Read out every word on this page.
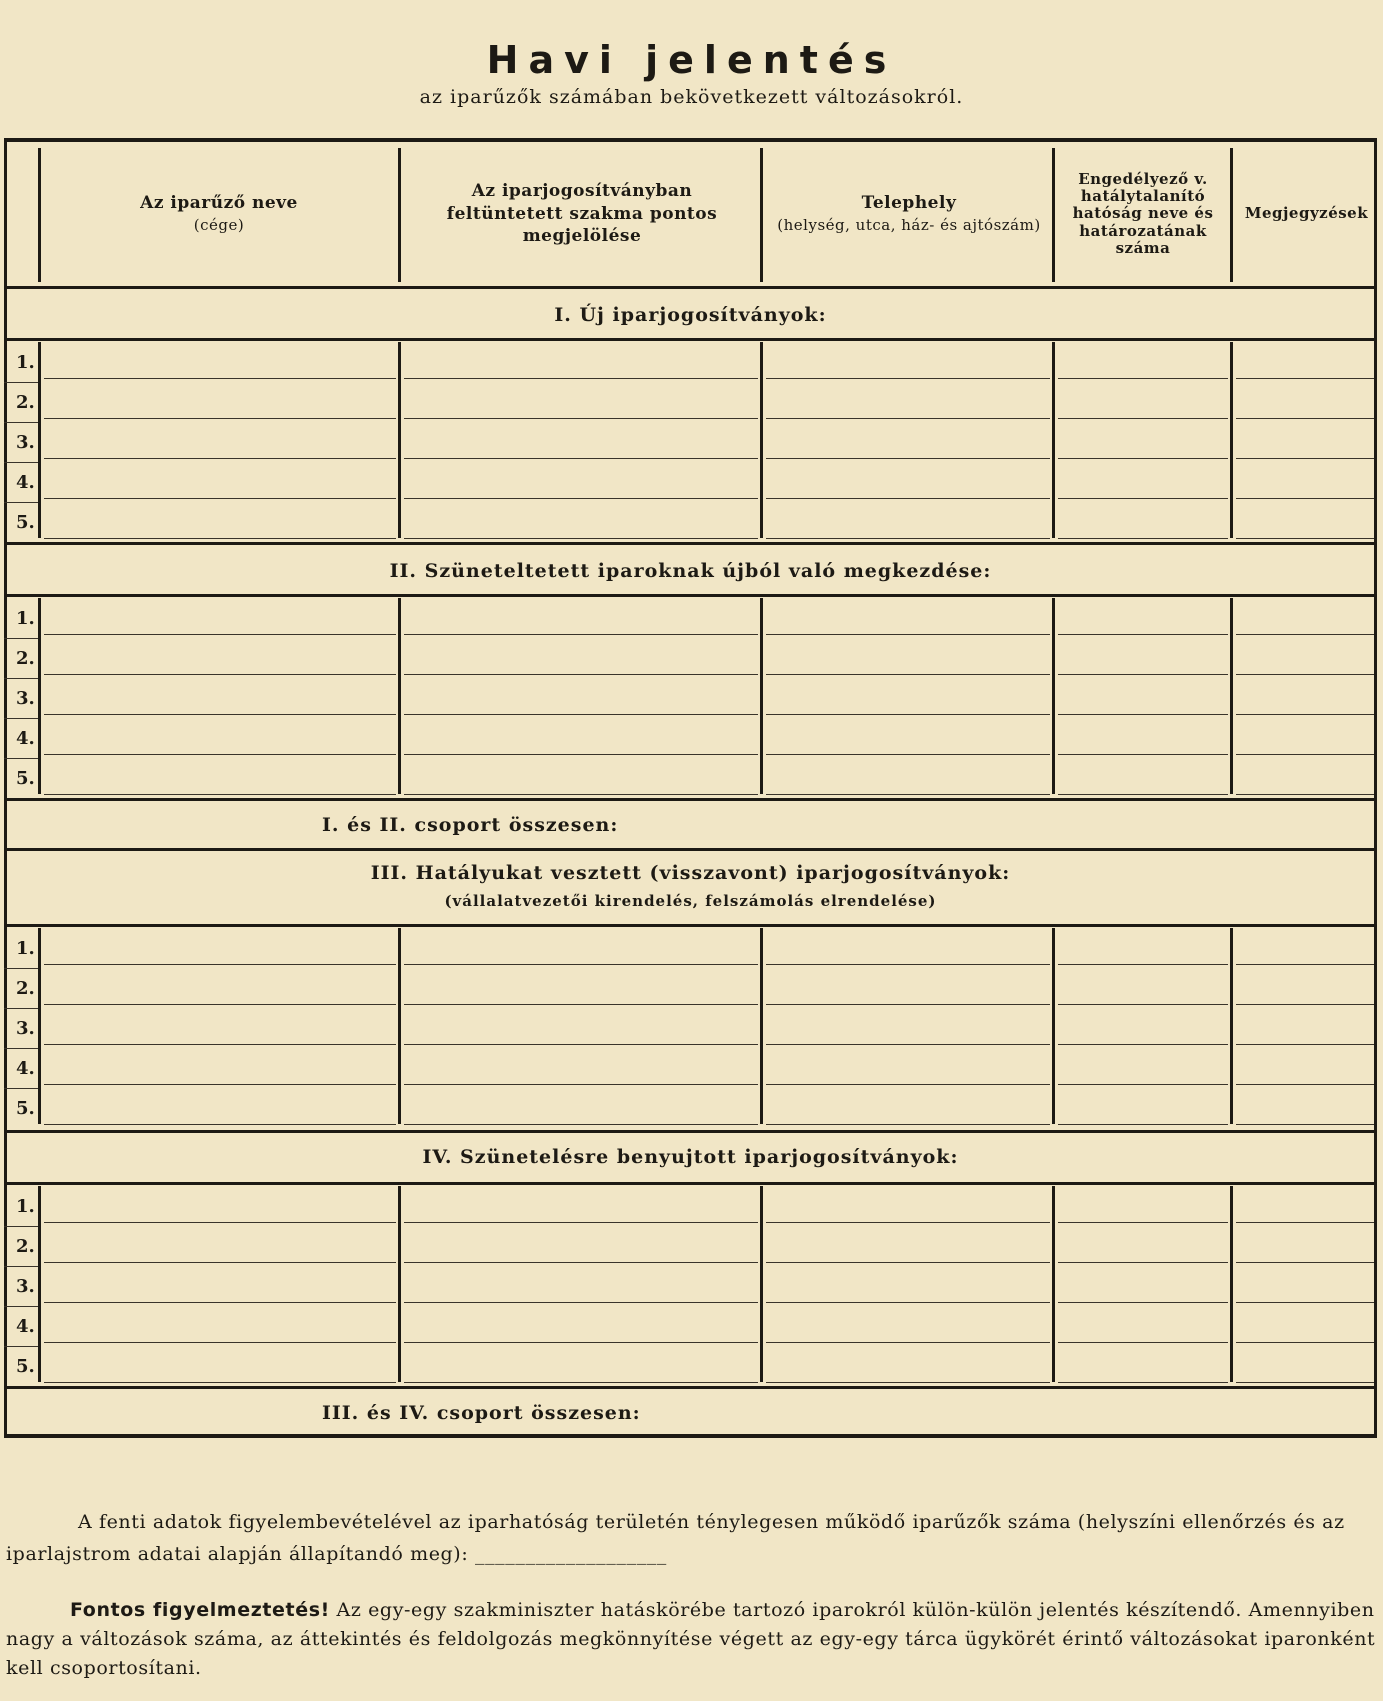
Havi jelentés
az iparűzők számában bekövetkezett változásokról.
Az iparűző neve
(cége)
Az iparjogosítványban feltüntetett szakma pontos megjelölése
Telephely
(helység, utca, ház- és ajtószám)
Engedélyező v. hatálytalanító hatóság neve és határozatának száma
Megjegyzések
I. Új iparjogosítványok:
II. Szüneteltetett iparoknak újból való megkezdése:
I. és II. csoport összesen:
III. Hatályukat vesztett (visszavont) iparjogosítványok:
(vállalatvezetői kirendelés, felszámolás elrendelése)
IV. Szünetelésre benyujtott iparjogosítványok:
III. és IV. csoport összesen:
1.
2.
3.
4.
5.
1.
2.
3.
4.
5.
1.
2.
3.
4.
5.
1.
2.
3.
4.
5.
A fenti adatok figyelembevételével az iparhatóság területén ténylegesen működő iparűzők száma (helyszíni ellenőrzés és az iparlajstrom adatai alapján állapítandó meg): ___________________
Fontos figyelmeztetés! Az egy-egy szakminiszter hatáskörébe tartozó iparokról külön-külön jelentés készítendő. Amennyiben nagy a változások száma, az áttekintés és feldolgozás megkönnyítése végett az egy-egy tárca ügykörét érintő változásokat iparonként kell csoportosítani.
